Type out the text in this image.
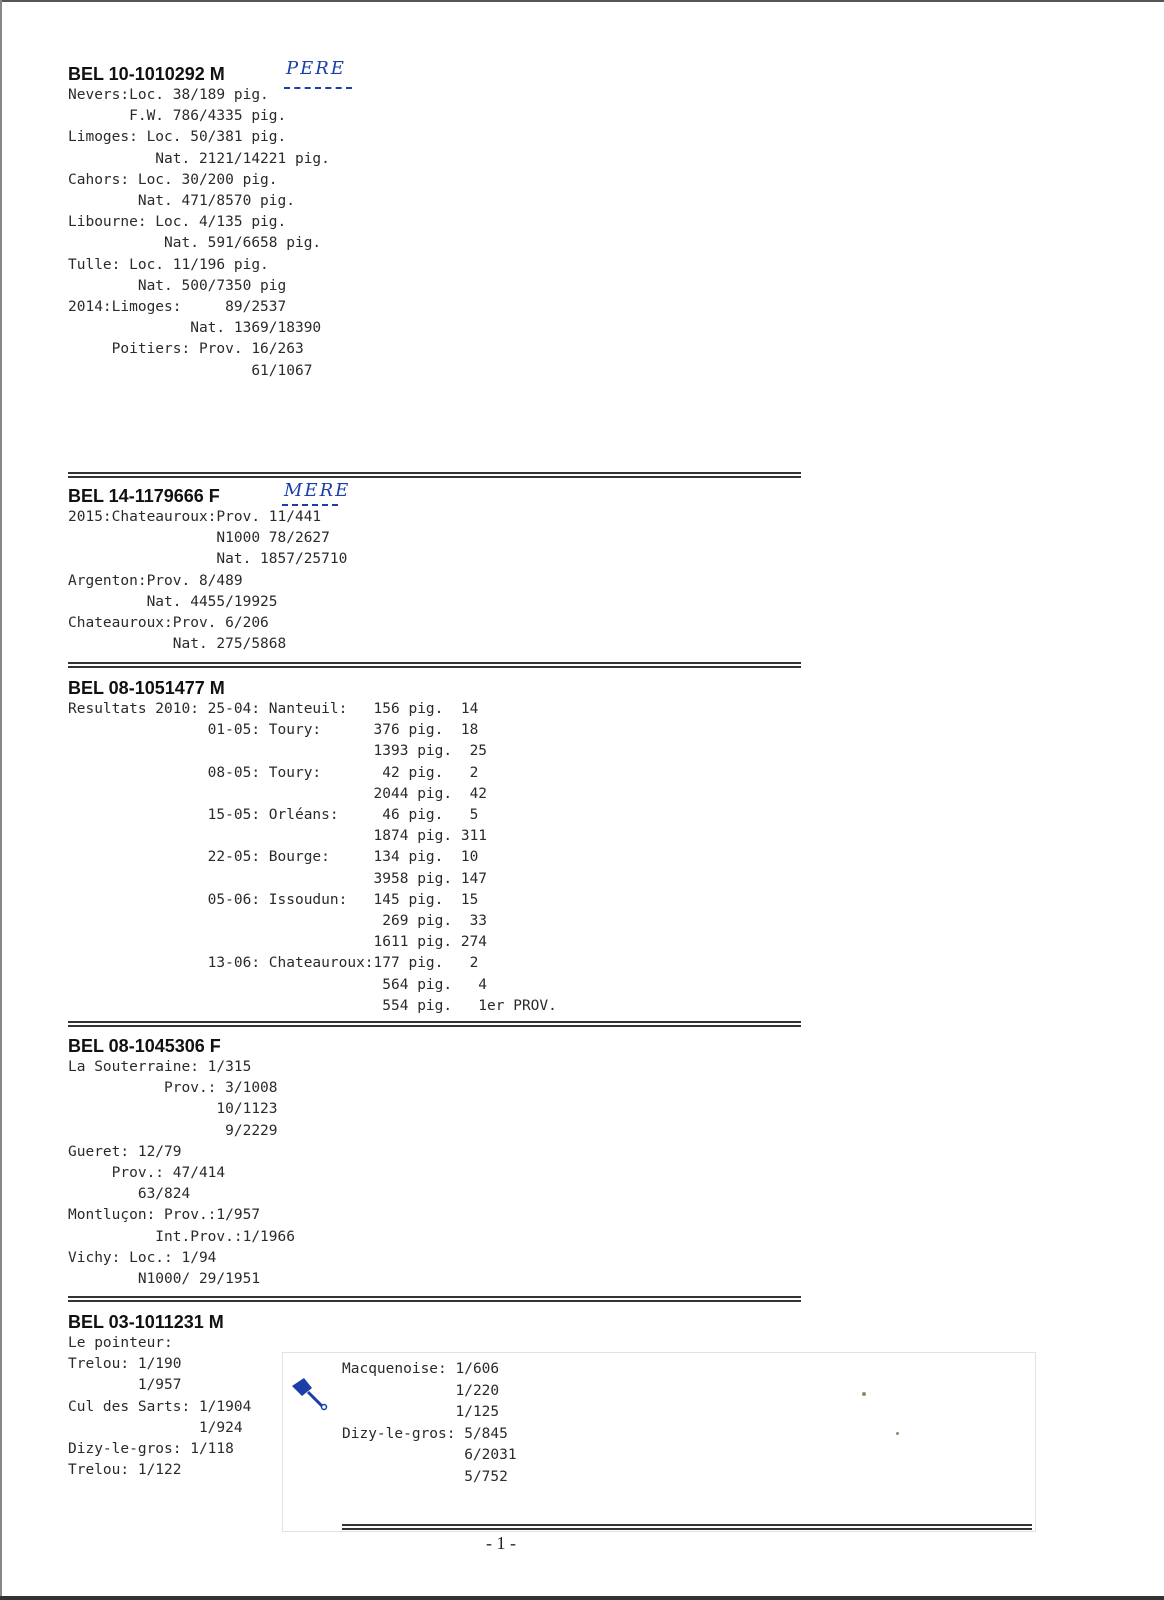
BEL 10-1010292 M	PERE
Nevers:Loc. 38/189 pig.
F.W. 786/4335 pig.
Limoges: Loc. 50/381 pig.
Nat. 2121/14221 pig.
Cahors: Loc. 30/200 pig.
Nat. 471/8570 pig.
Libourne: Loc. 4/135 pig.
Nat. 591/6658 pig.
Tulle: Loc. 11/196 pig.
Nat. 500/7350 pig
2014:Limoges:     89/2537
Nat. 1369/18390
Poitiers: Prov. 16/263
61/1067
BEL 14-1179666 F	MERE
2015:Chateauroux:Prov. 11/441
N1000 78/2627
Nat. 1857/25710
Argenton:Prov. 8/489
Nat. 4455/19925
Chateauroux:Prov. 6/206
Nat. 275/5868
BEL 08-1051477 M
Resultats 2010: 25-04: Nanteuil:   156 pig.  14
01-05: Toury:      376 pig.  18
1393 pig.  25
08-05: Toury:       42 pig.   2
2044 pig.  42
15-05: Orléans:     46 pig.   5
1874 pig. 311
22-05: Bourge:     134 pig.  10
3958 pig. 147
05-06: Issoudun:   145 pig.  15
269 pig.  33
1611 pig. 274
13-06: Chateauroux:177 pig.   2
564 pig.   4
554 pig.   1er PROV.
BEL 08-1045306 F
La Souterraine: 1/315
Prov.: 3/1008
10/1123
9/2229
Gueret: 12/79
Prov.: 47/414
63/824
Montluçon: Prov.:1/957
Int.Prov.:1/1966
Vichy: Loc.: 1/94
N1000/ 29/1951
BEL 03-1011231 M
Le pointeur:
Trelou: 1/190
1/957
Cul des Sarts: 1/1904
1/924
Dizy-le-gros: 1/118
Trelou: 1/122
Macquenoise: 1/606
1/220
1/125
Dizy-le-gros: 5/845
6/2031
5/752
- 1 -
